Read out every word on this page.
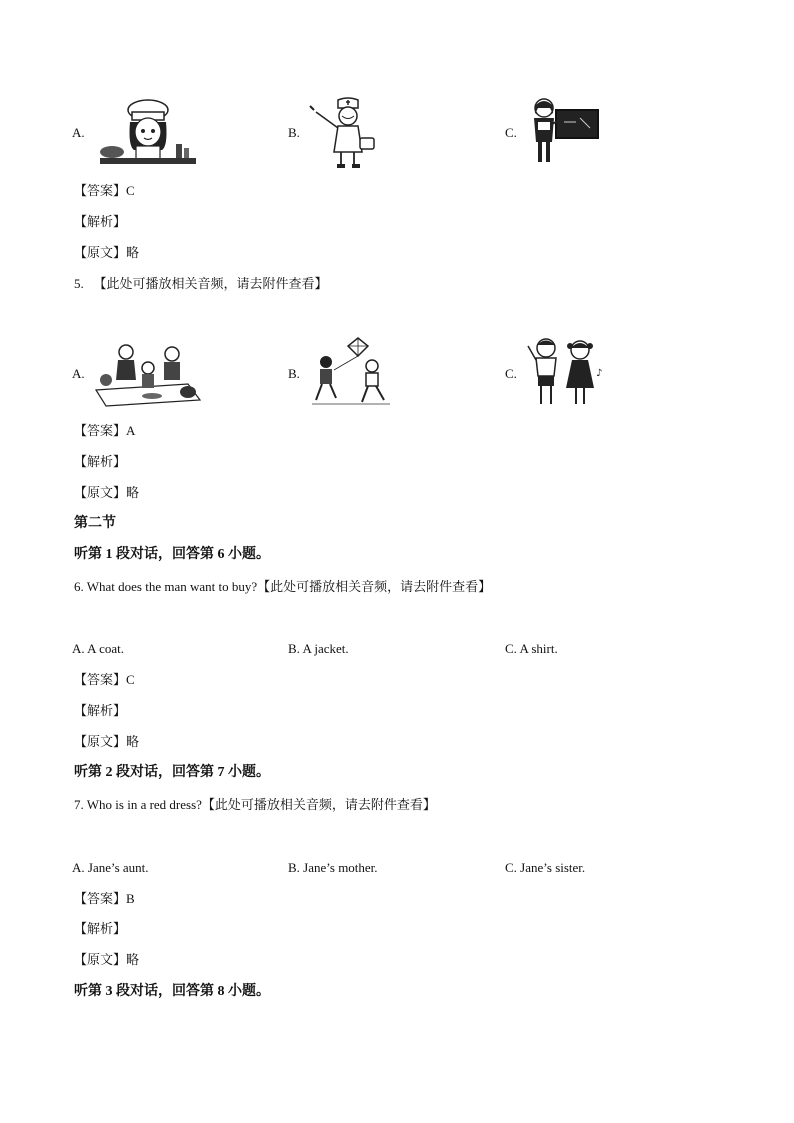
A.	B.	C.
【答案】C
【解析】
【原文】略
5.   【此处可播放相关音频，请去附件查看】
A.	B.	C.	♪
【答案】A
【解析】
【原文】略
第二节
听第 1 段对话，回答第 6 小题。
6. What does the man want to buy?【此处可播放相关音频，请去附件查看】
A. A coat.	B. A jacket.	C. A shirt.
【答案】C
【解析】
【原文】略
听第 2 段对话，回答第 7 小题。
7. Who is in a red dress?【此处可播放相关音频，请去附件查看】
A. Jane’s aunt.	B. Jane’s mother.	C. Jane’s sister.
【答案】B
【解析】
【原文】略
听第 3 段对话，回答第 8 小题。
